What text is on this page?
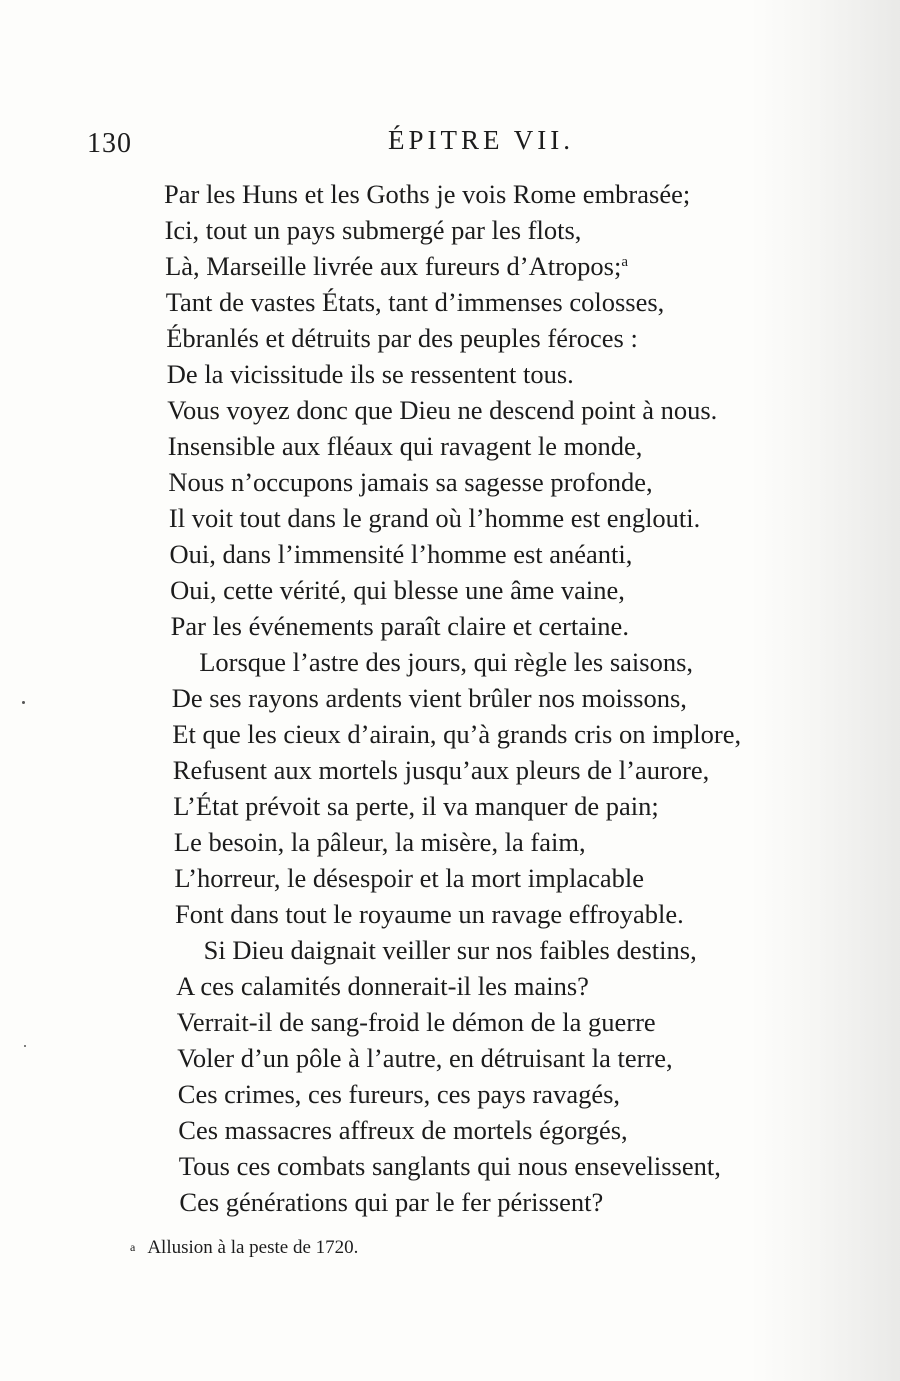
130	ÉPITRE VII.
Par les Huns et les Goths je vois Rome embrasée;
Ici, tout un pays submergé par les flots,
Là, Marseille livrée aux fureurs d’Atropos;$^a$
Tant de vastes États, tant d’immenses colosses,
Ébranlés et détruits par des peuples féroces :
De la vicissitude ils se ressentent tous.
Vous voyez donc que Dieu ne descend point à nous.
Insensible aux fléaux qui ravagent le monde,
Nous n’occupons jamais sa sagesse profonde,
Il voit tout dans le grand où l’homme est englouti.
Oui, dans l’immensité l’homme est anéanti,
Oui, cette vérité, qui blesse une âme vaine,
Par les événements paraît claire et certaine.
Lorsque l’astre des jours, qui règle les saisons,
De ses rayons ardents vient brûler nos moissons,
Et que les cieux d’airain, qu’à grands cris on implore,
Refusent aux mortels jusqu’aux pleurs de l’aurore,
L’État prévoit sa perte, il va manquer de pain;
Le besoin, la pâleur, la misère, la faim,
L’horreur, le désespoir et la mort implacable
Font dans tout le royaume un ravage effroyable.
Si Dieu daignait veiller sur nos faibles destins,
A ces calamités donnerait-il les mains?
Verrait-il de sang-froid le démon de la guerre
Voler d’un pôle à l’autre, en détruisant la terre,
Ces crimes, ces fureurs, ces pays ravagés,
Ces massacres affreux de mortels égorgés,
Tous ces combats sanglants qui nous ensevelissent,
Ces générations qui par le fer périssent?
a Allusion à la peste de 1720.
